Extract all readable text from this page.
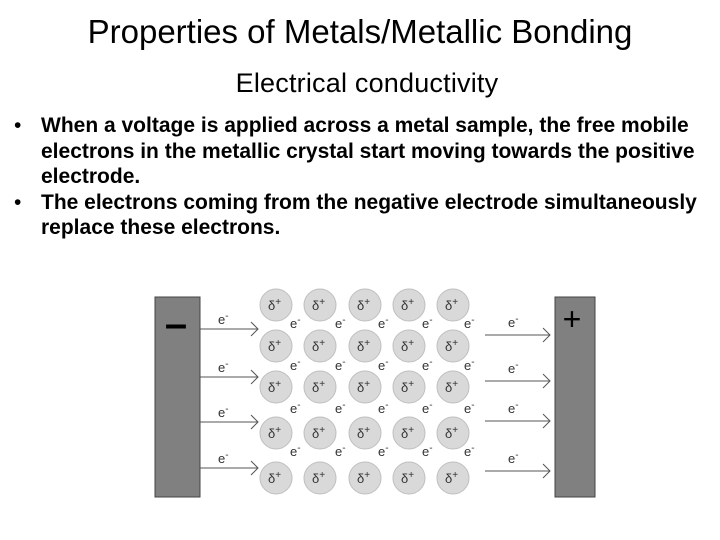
Properties of Metals/Metallic Bonding
Electrical conductivity
• When a voltage is applied across a metal sample, the free mobile electrons in the metallic crystal start moving towards the positive electrode.
• The electrons coming from the negative electrode simultaneously replace these electrons.
–	+
e-
e-
e-
e-
e-
e-
e-
e-
δ+ δ+ δ+ δ+ δ+
δ+ δ+ δ+ δ+ δ+
δ+ δ+ δ+ δ+ δ+
δ+ δ+ δ+ δ+ δ+
δ+ δ+ δ+ δ+ δ+
e-	e- e-	e- e-
e-	e- e-	e- e-
e-	e- e-	e- e-
e-	e- e-	e- e-
